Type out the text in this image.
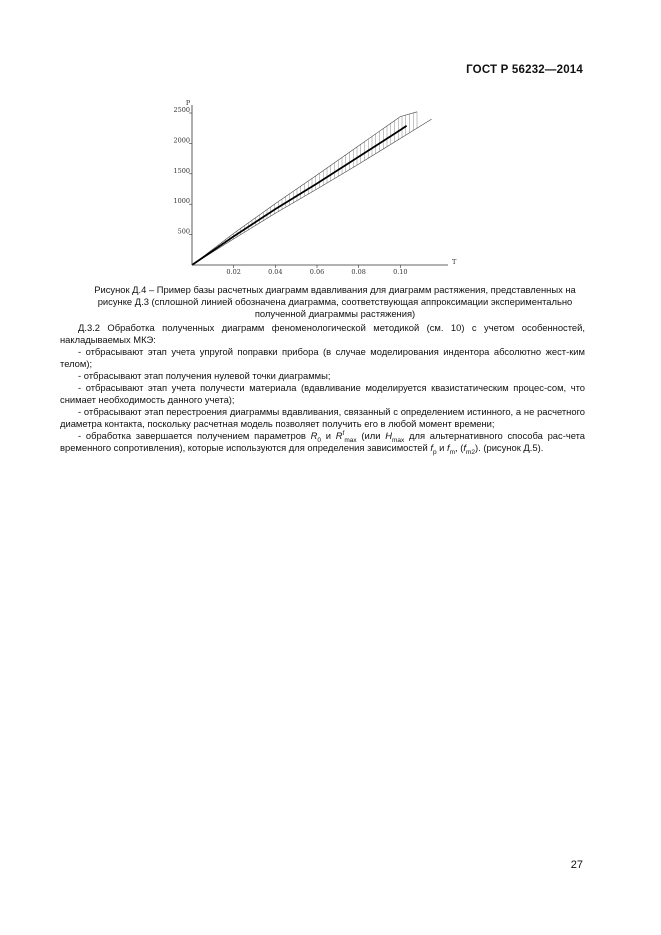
ГОСТ Р 56232—2014
0.02	0.04	0.06	0.08	0.10
500
1000
1500
2000
2500
P
T
Рисунок Д.4 – Пример базы расчетных диаграмм вдавливания для диаграмм растяжения, представленных на
рисунке Д.3 (сплошной линией обозначена диаграмма, соответствующая аппроксимации экспериментально
полученной диаграммы растяжения)

Д.3.2 Обработка полученных диаграмм феноменологической методикой (см. 10) с учетом особенностей, накладываемых МКЭ:

- отбрасывают этап учета упругой поправки прибора (в случае моделирования индентора абсолютно жест-ким телом);

- отбрасывают этап получения нулевой точки диаграммы;

- отбрасывают этап учета получести материала (вдавливание моделируется квазистатическим процес-сом, что снимает необходимость данного учета);

- отбрасывают этап перестроения диаграммы вдавливания, связанный с определением истинного, а не расчетного диаметра контакта, поскольку расчетная модель позволяет получить его в любой момент времени;

- обработка завершается получением параметров $R_0$ и $R^f_{max}$ (или $H_{max}$ для альтернативного способа рас-чета временного сопротивления), которые используются для определения зависимостей $f_p$ и $f_m$, $(f_{m2})$. (рисунок Д.5).

27
